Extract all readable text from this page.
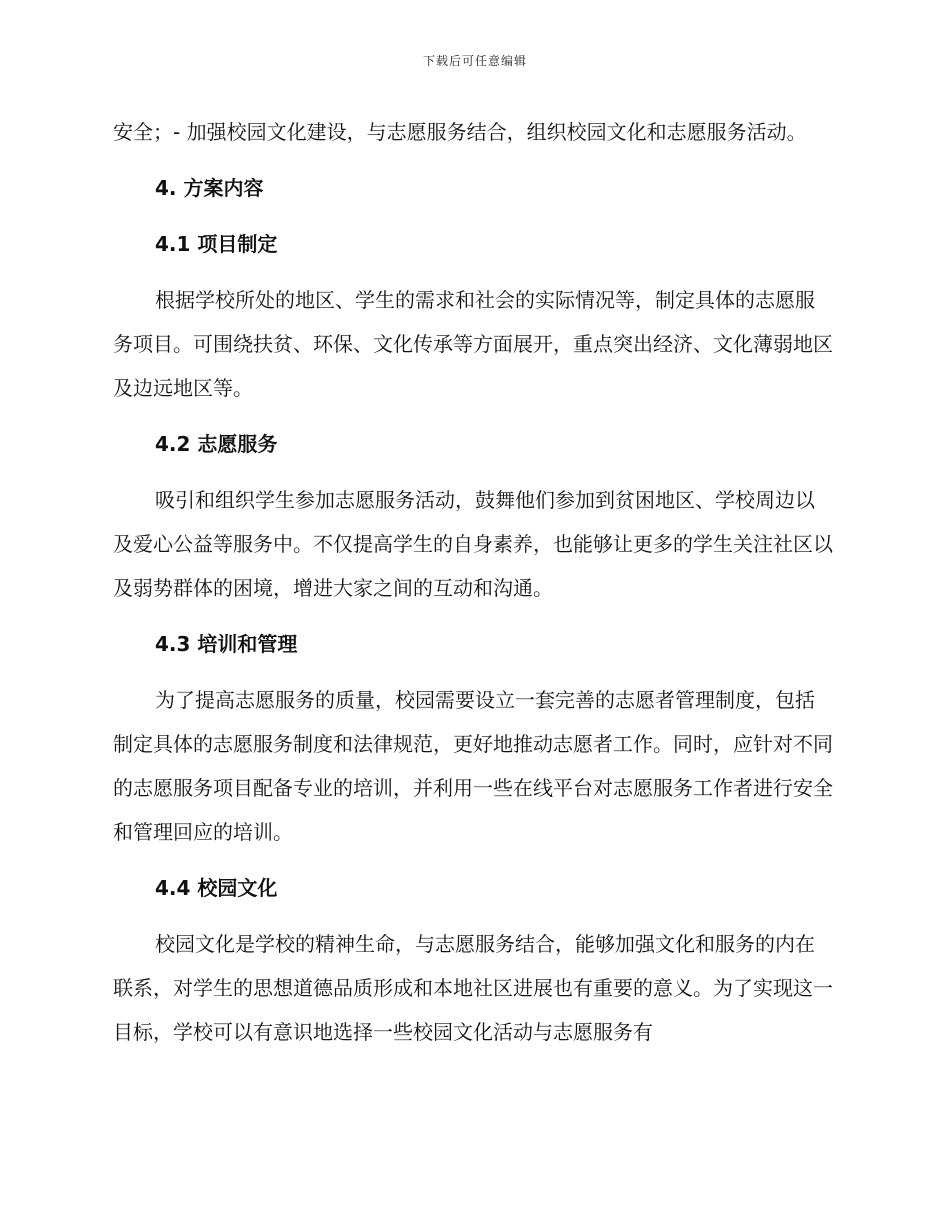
下载后可任意编辑

安全；- 加强校园文化建设，与志愿服务结合，组织校园文化和志愿服务活动。

4. 方案内容
4.1 项目制定

根据学校所处的地区、学生的需求和社会的实际情况等，制定具体的志愿服务项目。可围绕扶贫、环保、文化传承等方面展开，重点突出经济、文化薄弱地区及边远地区等。

4.2 志愿服务

吸引和组织学生参加志愿服务活动，鼓舞他们参加到贫困地区、学校周边以及爱心公益等服务中。不仅提高学生的自身素养，也能够让更多的学生关注社区以及弱势群体的困境，增进大家之间的互动和沟通。

4.3 培训和管理

为了提高志愿服务的质量，校园需要设立一套完善的志愿者管理制度，包括制定具体的志愿服务制度和法律规范，更好地推动志愿者工作。同时，应针对不同的志愿服务项目配备专业的培训，并利用一些在线平台对志愿服务工作者进行安全和管理回应的培训。

4.4 校园文化

校园文化是学校的精神生命，与志愿服务结合，能够加强文化和服务的内在联系，对学生的思想道德品质形成和本地社区进展也有重要的意义。为了实现这一目标，学校可以有意识地选择一些校园文化活动与志愿服务有
